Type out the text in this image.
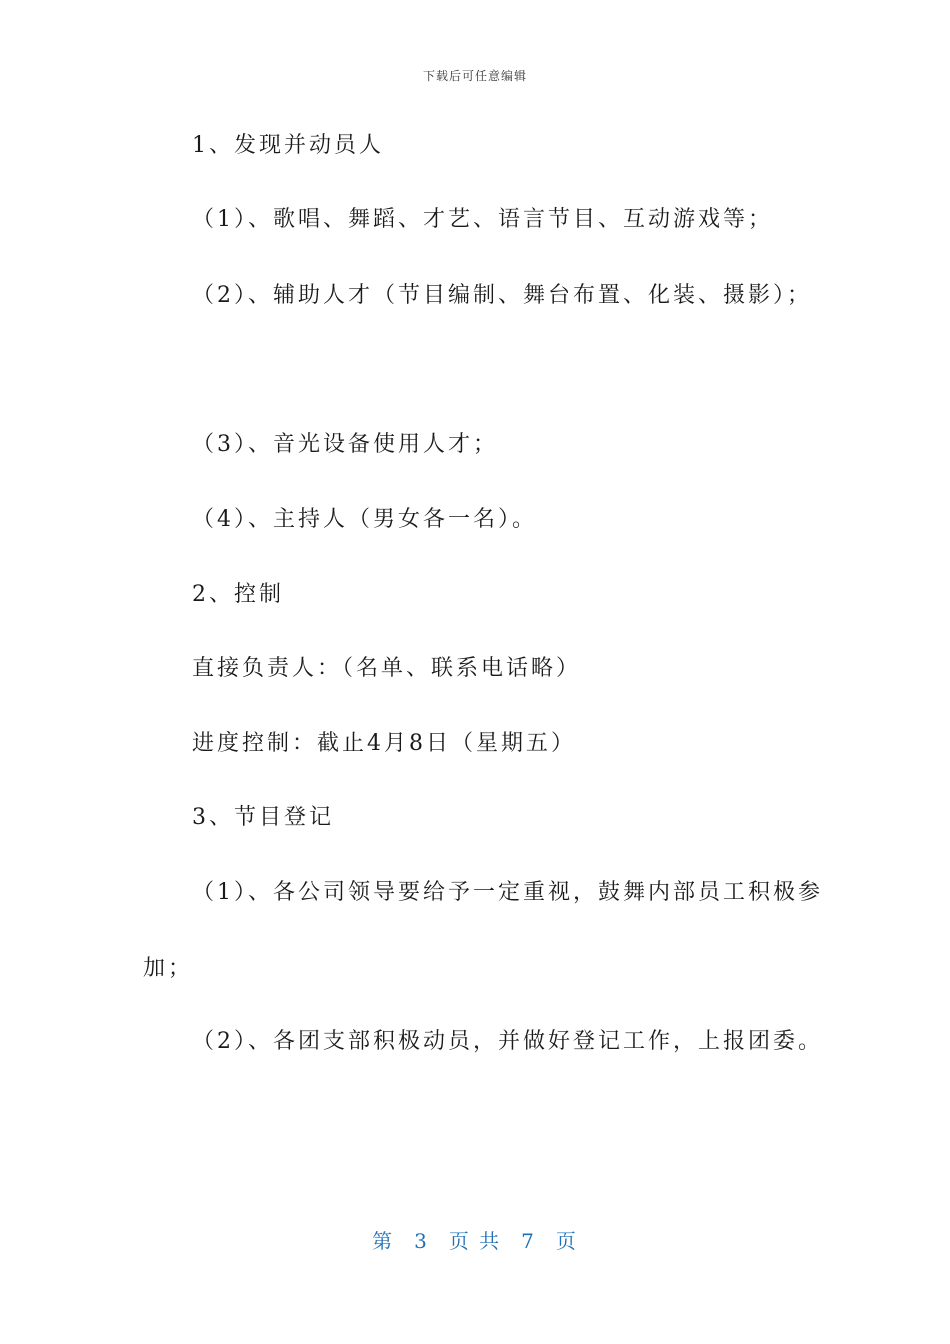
下载后可任意编辑
1、发现并动员人
（1）、歌唱、舞蹈、才艺、语言节目、互动游戏等；
（2）、辅助人才（节目编制、舞台布置、化装、摄影）；
（3）、音光设备使用人才；
（4）、主持人（男女各一名）。
2、控制
直接负责人：（名单、联系电话略）
进度控制：截止4月8日（星期五）
3、节目登记
（1）、各公司领导要给予一定重视，鼓舞内部员工积极参
加；
（2）、各团支部积极动员，并做好登记工作，上报团委。
第 3 页 共 7 页
